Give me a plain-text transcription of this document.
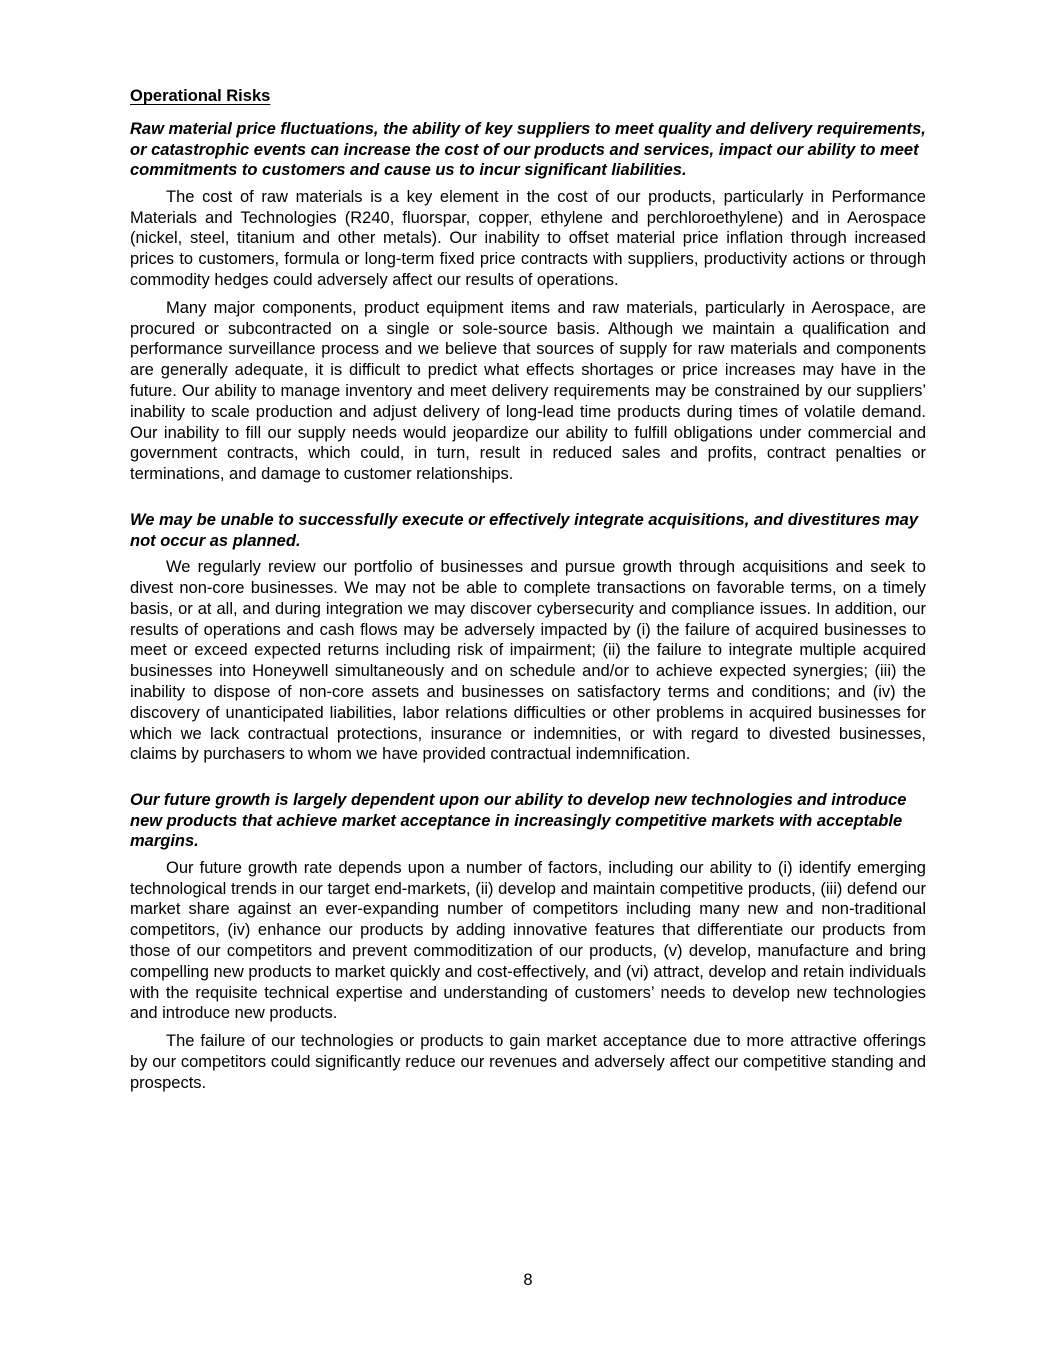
Operational Risks
Raw material price fluctuations, the ability of key suppliers to meet quality and delivery requirements, or catastrophic events can increase the cost of our products and services, impact our ability to meet commitments to customers and cause us to incur significant liabilities.

The cost of raw materials is a key element in the cost of our products, particularly in Performance Materials and Technologies (R240, fluorspar, copper, ethylene and perchloroethylene) and in Aerospace (nickel, steel, titanium and other metals). Our inability to offset material price inflation through increased prices to customers, formula or long-term fixed price contracts with suppliers, productivity actions or through commodity hedges could adversely affect our results of operations.

Many major components, product equipment items and raw materials, particularly in Aerospace, are procured or subcontracted on a single or sole-source basis. Although we maintain a qualification and performance surveillance process and we believe that sources of supply for raw materials and components are generally adequate, it is difficult to predict what effects shortages or price increases may have in the future. Our ability to manage inventory and meet delivery requirements may be constrained by our suppliers’ inability to scale production and adjust delivery of long-lead time products during times of volatile demand. Our inability to fill our supply needs would jeopardize our ability to fulfill obligations under commercial and government contracts, which could, in turn, result in reduced sales and profits, contract penalties or terminations, and damage to customer relationships.

We may be unable to successfully execute or effectively integrate acquisitions, and divestitures may not occur as planned.

We regularly review our portfolio of businesses and pursue growth through acquisitions and seek to divest non-core businesses. We may not be able to complete transactions on favorable terms, on a timely basis, or at all, and during integration we may discover cybersecurity and compliance issues. In addition, our results of operations and cash flows may be adversely impacted by (i) the failure of acquired businesses to meet or exceed expected returns including risk of impairment; (ii) the failure to integrate multiple acquired businesses into Honeywell simultaneously and on schedule and/or to achieve expected synergies; (iii) the inability to dispose of non-core assets and businesses on satisfactory terms and conditions; and (iv) the discovery of unanticipated liabilities, labor relations difficulties or other problems in acquired businesses for which we lack contractual protections, insurance or indemnities, or with regard to divested businesses, claims by purchasers to whom we have provided contractual indemnification.

Our future growth is largely dependent upon our ability to develop new technologies and introduce new products that achieve market acceptance in increasingly competitive markets with acceptable margins.

Our future growth rate depends upon a number of factors, including our ability to (i) identify emerging technological trends in our target end-markets, (ii) develop and maintain competitive products, (iii) defend our market share against an ever-expanding number of competitors including many new and non-traditional competitors, (iv) enhance our products by adding innovative features that differentiate our products from those of our competitors and prevent commoditization of our products, (v) develop, manufacture and bring compelling new products to market quickly and cost-effectively, and (vi) attract, develop and retain individuals with the requisite technical expertise and understanding of customers’ needs to develop new technologies and introduce new products.

The failure of our technologies or products to gain market acceptance due to more attractive offerings by our competitors could significantly reduce our revenues and adversely affect our competitive standing and prospects.

8
